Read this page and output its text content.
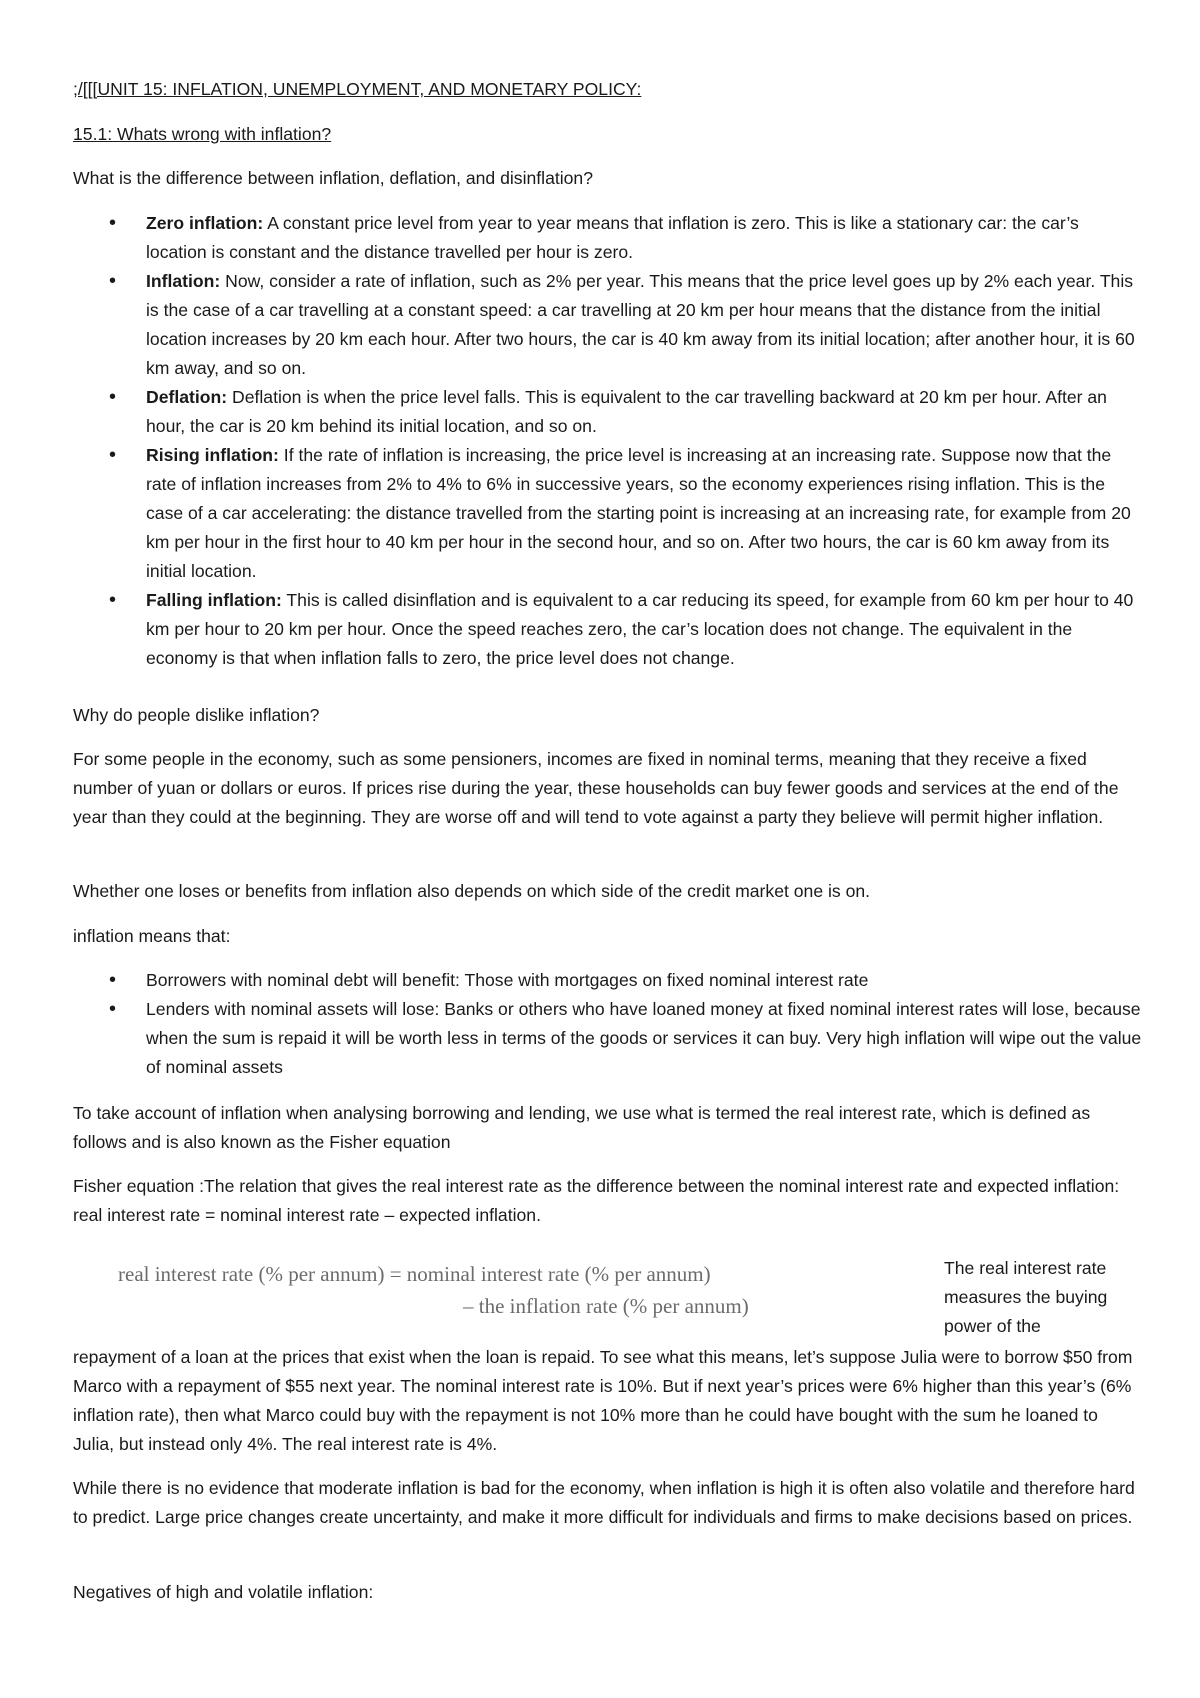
;/[[[UNIT 15: INFLATION, UNEMPLOYMENT, AND MONETARY POLICY:

15.1: Whats wrong with inflation?

What is the difference between inflation, deflation, and disinflation?

• Zero inflation: A constant price level from year to year means that inflation is zero. This is like a stationary car: the car’s location is constant and the distance travelled per hour is zero.
• Inflation: Now, consider a rate of inflation, such as 2% per year. This means that the price level goes up by 2% each year. This is the case of a car travelling at a constant speed: a car travelling at 20 km per hour means that the distance from the initial location increases by 20 km each hour. After two hours, the car is 40 km away from its initial location; after another hour, it is 60 km away, and so on.
• Deflation: Deflation is when the price level falls. This is equivalent to the car travelling backward at 20 km per hour. After an hour, the car is 20 km behind its initial location, and so on.
• Rising inflation: If the rate of inflation is increasing, the price level is increasing at an increasing rate. Suppose now that the rate of inflation increases from 2% to 4% to 6% in successive years, so the economy experiences rising inflation. This is the case of a car accelerating: the distance travelled from the starting point is increasing at an increasing rate, for example from 20 km per hour in the first hour to 40 km per hour in the second hour, and so on. After two hours, the car is 60 km away from its initial location.
• Falling inflation: This is called disinflation and is equivalent to a car reducing its speed, for example from 60 km per hour to 40 km per hour to 20 km per hour. Once the speed reaches zero, the car’s location does not change. The equivalent in the economy is that when inflation falls to zero, the price level does not change.

Why do people dislike inflation?

For some people in the economy, such as some pensioners, incomes are fixed in nominal terms, meaning that they receive a fixed number of yuan or dollars or euros. If prices rise during the year, these households can buy fewer goods and services at the end of the year than they could at the beginning. They are worse off and will tend to vote against a party they believe will permit higher inflation.

Whether one loses or benefits from inflation also depends on which side of the credit market one is on.

inflation means that:

• Borrowers with nominal debt will benefit: Those with mortgages on fixed nominal interest rate
• Lenders with nominal assets will lose: Banks or others who have loaned money at fixed nominal interest rates will lose, because when the sum is repaid it will be worth less in terms of the goods or services it can buy. Very high inflation will wipe out the value of nominal assets

To take account of inflation when analysing borrowing and lending, we use what is termed the real interest rate, which is defined as follows and is also known as the Fisher equation

Fisher equation :The relation that gives the real interest rate as the difference between the nominal interest rate and expected inflation: real interest rate = nominal interest rate – expected inflation.

real interest rate (% per annum) = nominal interest rate (% per annum)
– the inflation rate (% per annum)
The real interest rate measures the buying power of the

repayment of a loan at the prices that exist when the loan is repaid. To see what this means, let’s suppose Julia were to borrow $50 from Marco with a repayment of $55 next year. The nominal interest rate is 10%. But if next year’s prices were 6% higher than this year’s (6% inflation rate), then what Marco could buy with the repayment is not 10% more than he could have bought with the sum he loaned to Julia, but instead only 4%. The real interest rate is 4%.

While there is no evidence that moderate inflation is bad for the economy, when inflation is high it is often also volatile and therefore hard to predict. Large price changes create uncertainty, and make it more difficult for individuals and firms to make decisions based on prices.

Negatives of high and volatile inflation:
